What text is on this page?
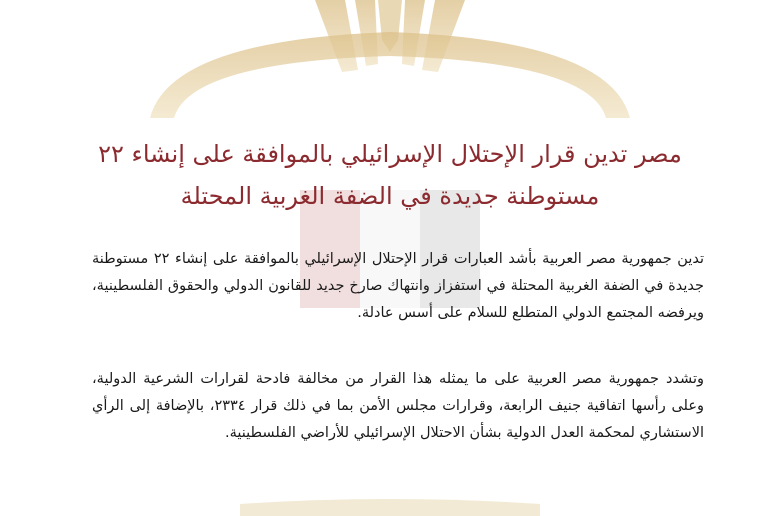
مصر تدين قرار الإحتلال الإسرائيلي بالموافقة على إنشاء ٢٢
مستوطنة جديدة في الضفة الغربية المحتلة

تدين جمهورية مصر العربية بأشد العبارات قرار الإحتلال الإسرائيلي بالموافقة على إنشاء ٢٢ مستوطنة جديدة في الضفة الغربية المحتلة في استفزاز وانتهاك صارخ جديد للقانون الدولي والحقوق الفلسطينية، ويرفضه المجتمع الدولي المتطلع للسلام على أسس عادلة.

وتشدد جمهورية مصر العربية على ما يمثله هذا القرار من مخالفة فادحة لقرارات الشرعية الدولية، وعلى رأسها اتفاقية جنيف الرابعة، وقرارات مجلس الأمن بما في ذلك قرار ٢٣٣٤، بالإضافة إلى الرأي الاستشاري لمحكمة العدل الدولية بشأن الاحتلال الإسرائيلي للأراضي الفلسطينية.
